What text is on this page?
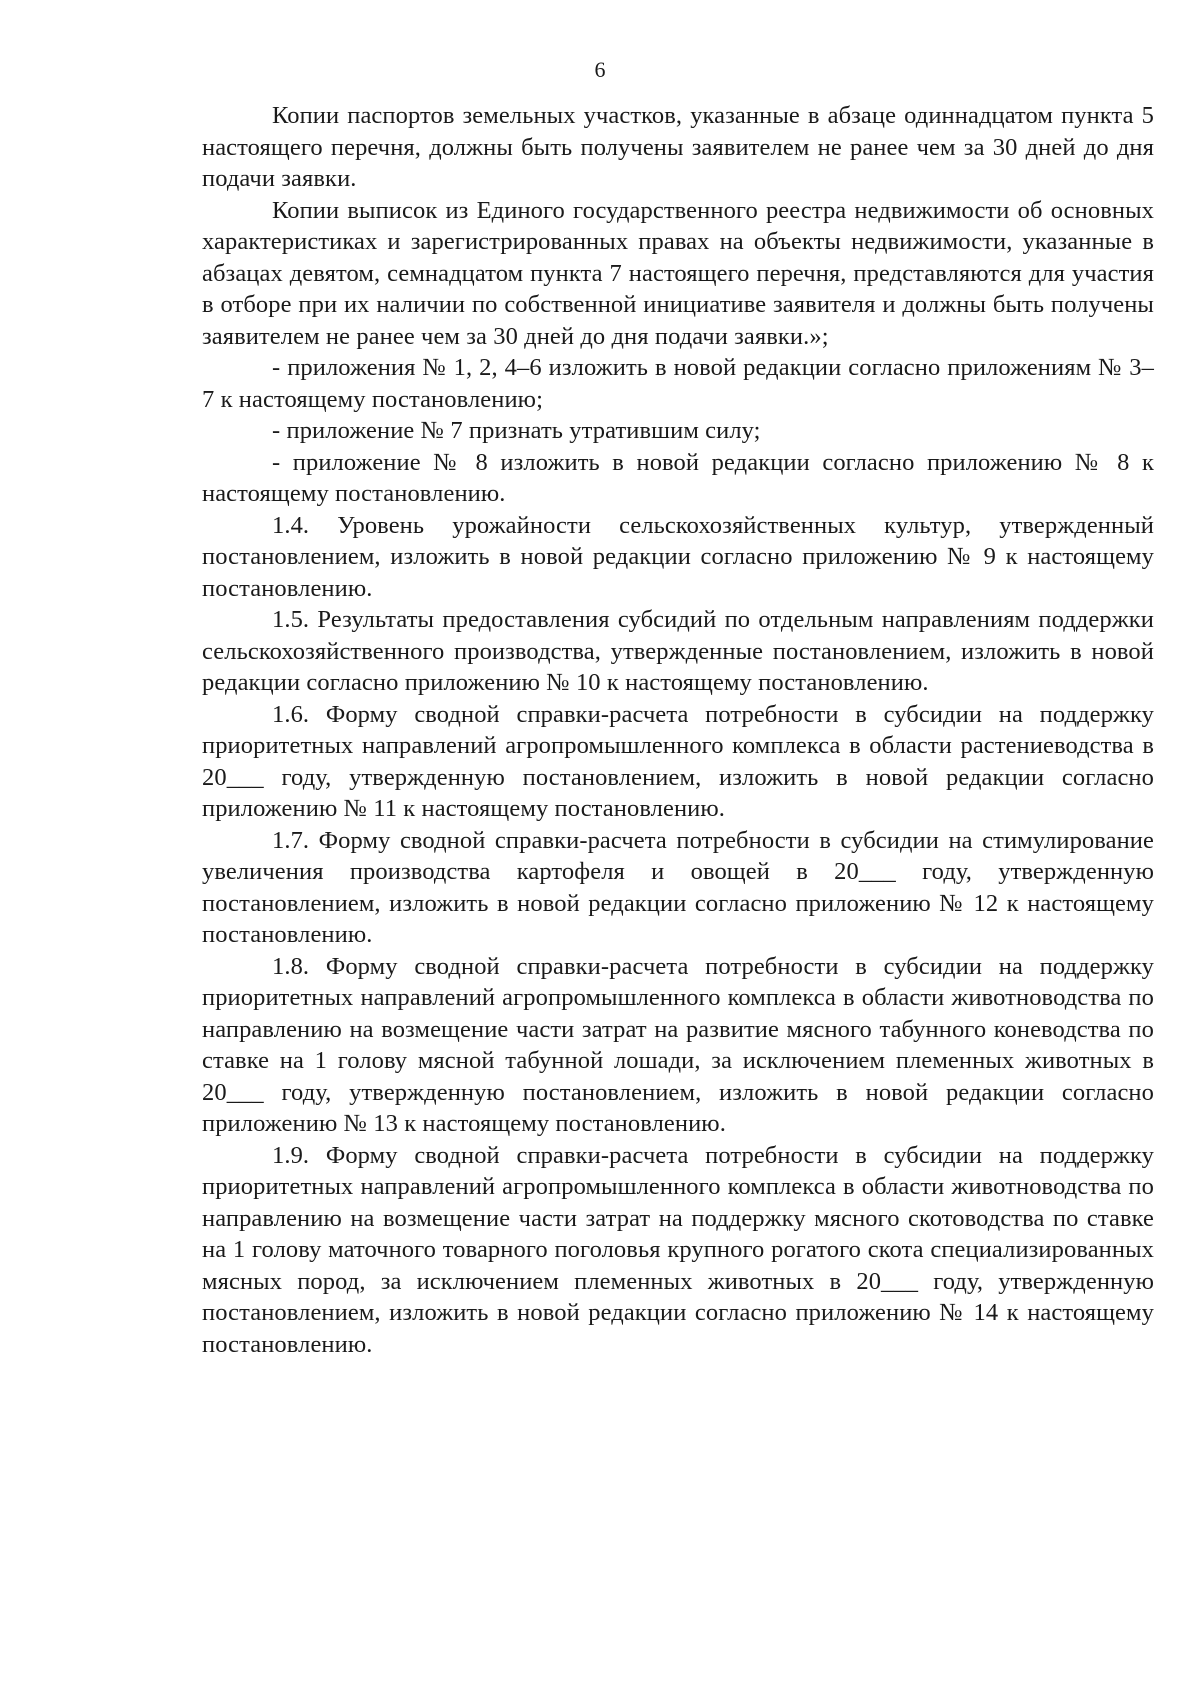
6

Копии паспортов земельных участков, указанные в абзаце одиннадцатом пункта 5 настоящего перечня, должны быть получены заявителем не ранее чем за 30 дней до дня подачи заявки.

Копии выписок из Единого государственного реестра недвижимости об основных характеристиках и зарегистрированных правах на объекты недвижимости, указанные в абзацах девятом, семнадцатом пункта 7 настоящего перечня, представляются для участия в отборе при их наличии по собственной инициативе заявителя и должны быть получены заявителем не ранее чем за 30 дней до дня подачи заявки.»;

- приложения № 1, 2, 4–6 изложить в новой редакции согласно приложениям № 3–7 к настоящему постановлению;

- приложение № 7 признать утратившим силу;

- приложение № 8 изложить в новой редакции согласно приложению № 8 к настоящему постановлению.

1.4. Уровень урожайности сельскохозяйственных культур, утвержденный постановлением, изложить в новой редакции согласно приложению № 9 к настоящему постановлению.

1.5. Результаты предоставления субсидий по отдельным направлениям поддержки сельскохозяйственного производства, утвержденные постановлением, изложить в новой редакции согласно приложению № 10 к настоящему постановлению.

1.6. Форму сводной справки-расчета потребности в субсидии на поддержку приоритетных направлений агропромышленного комплекса в области растениеводства в 20___ году, утвержденную постановлением, изложить в новой редакции согласно приложению № 11 к настоящему постановлению.

1.7. Форму сводной справки-расчета потребности в субсидии на стимулирование увеличения производства картофеля и овощей в 20___ году, утвержденную постановлением, изложить в новой редакции согласно приложению № 12 к настоящему постановлению.

1.8. Форму сводной справки-расчета потребности в субсидии на поддержку приоритетных направлений агропромышленного комплекса в области животноводства по направлению на возмещение части затрат на развитие мясного табунного коневодства по ставке на 1 голову мясной табунной лошади, за исключением племенных животных в 20___ году, утвержденную постановлением, изложить в новой редакции согласно приложению № 13 к настоящему постановлению.

1.9. Форму сводной справки-расчета потребности в субсидии на поддержку приоритетных направлений агропромышленного комплекса в области животноводства по направлению на возмещение части затрат на поддержку мясного скотоводства по ставке на 1 голову маточного товарного поголовья крупного рогатого скота специализированных мясных пород, за исключением племенных животных в 20___ году, утвержденную постановлением, изложить в новой редакции согласно приложению № 14 к настоящему постановлению.
